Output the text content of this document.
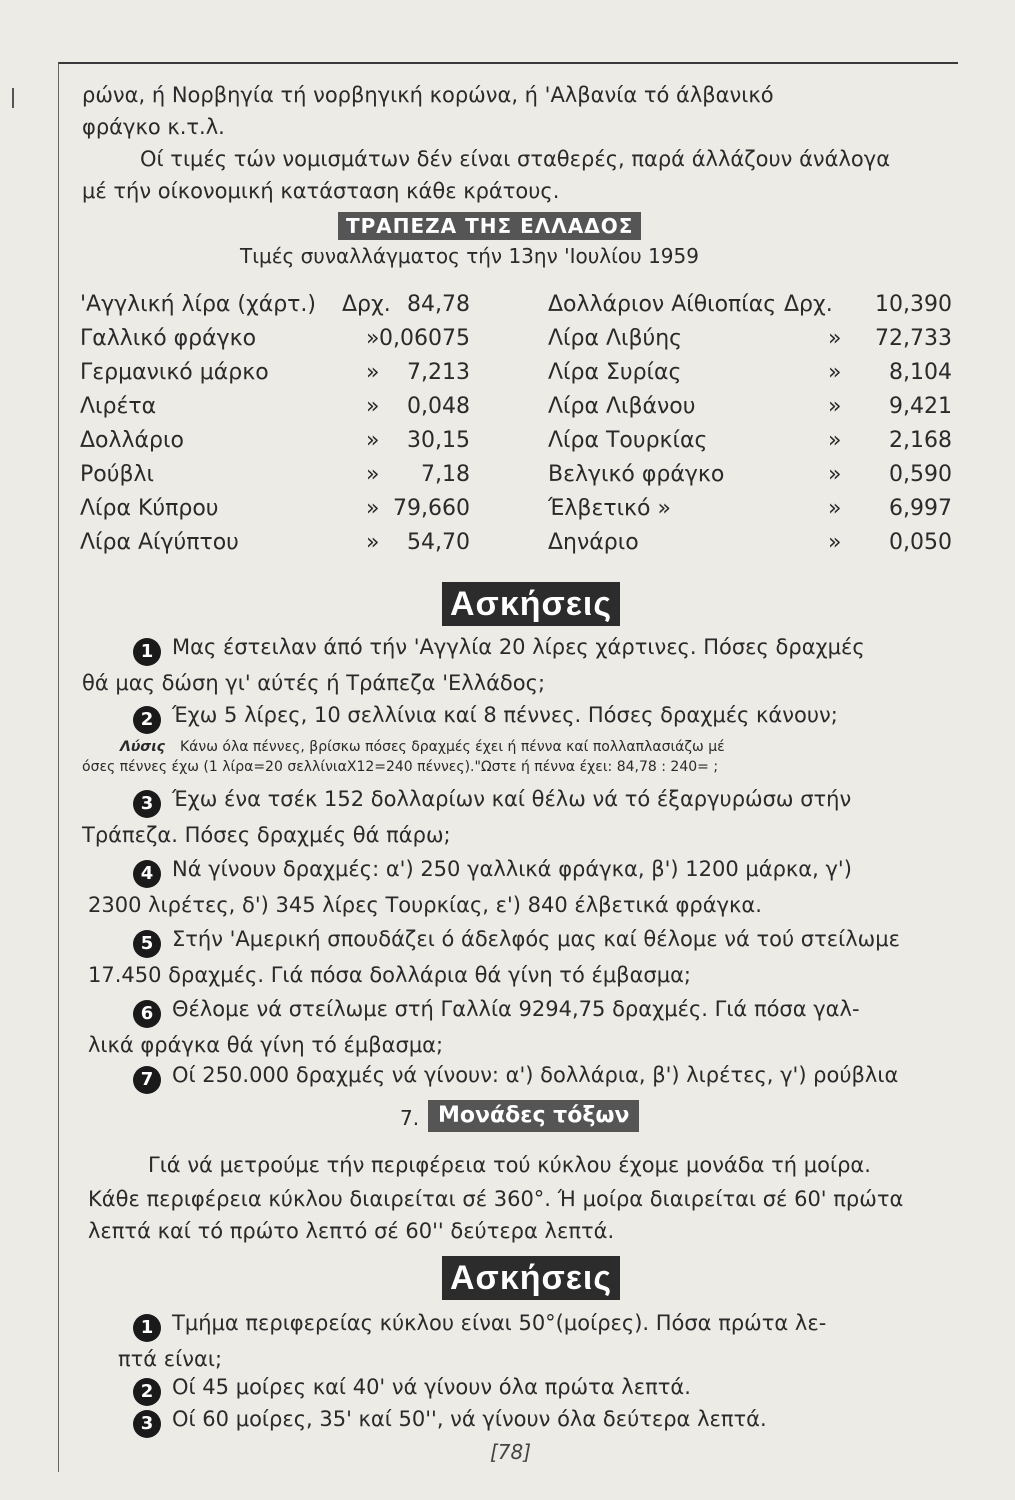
ρώνα, ή Νορβηγία τή νορβηγική κορώνα, ή 'Αλβανία τό άλβανικό
φράγκο κ.τ.λ.
Οί τιμές τών νομισμάτων δέν είναι σταθερές, παρά άλλάζουν άνάλογα
μέ τήν οίκονομική κατάσταση κάθε κράτους.
ΤΡΑΠΕΖΑ ΤΗΣ ΕΛΛΑΔΟΣ
Τιμές συναλλάγματος τήν 13ην 'Ιουλίου 1959
'Αγγλική λίρα (χάρτ.) Δρχ. 84,78
Γαλλικό φράγκο	» 0,06075
Γερμανικό μάρκο	» 7,213
Λιρέτα	» 0,048
Δολλάριο	» 30,15
Ρούβλι	» 7,18
Λίρα Κύπρου	» 79,660
Λίρα Αίγύπτου	» 54,70
Δολλάριον Αίθιοπίας Δρχ. 10,390
Λίρα Λιβύης	» 72,733
Λίρα Συρίας	» 8,104
Λίρα Λιβάνου	» 9,421
Λίρα Τουρκίας	» 2,168
Βελγικό φράγκο	» 0,590
Έλβετικό »	» 6,997
Δηνάριο	» 0,050
Ασκήσεις
1 Μας έστειλαν άπό τήν 'Αγγλία 20 λίρες χάρτινες. Πόσες δραχμές
θά μας δώση γι' αύτές ή Τράπεζα 'Ελλάδος;
2 Έχω 5 λίρες, 10 σελλίνια καί 8 πέννες. Πόσες δραχμές κάνουν;
Λύσις Κάνω όλα πέννες, βρίσκω πόσες δραχμές έχει ή πέννα καί πολλαπλασιάζω μέ
όσες πέννες έχω (1 λίρα=20 σελλίνιαX12=240 πέννες)."Ωστε ή πέννα έχει: 84,78 : 240= ;
3 Έχω ένα τσέκ 152 δολλαρίων καί θέλω νά τό έξαργυρώσω στήν
Τράπεζα. Πόσες δραχμές θά πάρω;
4 Νά γίνουν δραχμές: α') 250 γαλλικά φράγκα, β') 1200 μάρκα, γ')
2300 λιρέτες, δ') 345 λίρες Τουρκίας, ε') 840 έλβετικά φράγκα.
5 Στήν 'Αμερική σπουδάζει ό άδελφός μας καί θέλομε νά τού στείλωμε
17.450 δραχμές. Γιά πόσα δολλάρια θά γίνη τό έμβασμα;
6 Θέλομε νά στείλωμε στή Γαλλία 9294,75 δραχμές. Γιά πόσα γαλ-
λικά φράγκα θά γίνη τό έμβασμα;
7 Οί 250.000 δραχμές νά γίνουν: α') δολλάρια, β') λιρέτες, γ') ρούβλια
7. Μονάδες τόξων
Γιά νά μετρούμε τήν περιφέρεια τού κύκλου έχομε μονάδα τή μοίρα.
Κάθε περιφέρεια κύκλου διαιρείται σέ 360°. Ή μοίρα διαιρείται σέ 60' πρώτα
λεπτά καί τό πρώτο λεπτό σέ 60'' δεύτερα λεπτά.
Ασκήσεις
1 Τμήμα περιφερείας κύκλου είναι 50°(μοίρες). Πόσα πρώτα λε-
πτά είναι;
2 Οί 45 μοίρες καί 40' νά γίνουν όλα πρώτα λεπτά.
3 Οί 60 μοίρες, 35' καί 50'', νά γίνουν όλα δεύτερα λεπτά.
[78]
